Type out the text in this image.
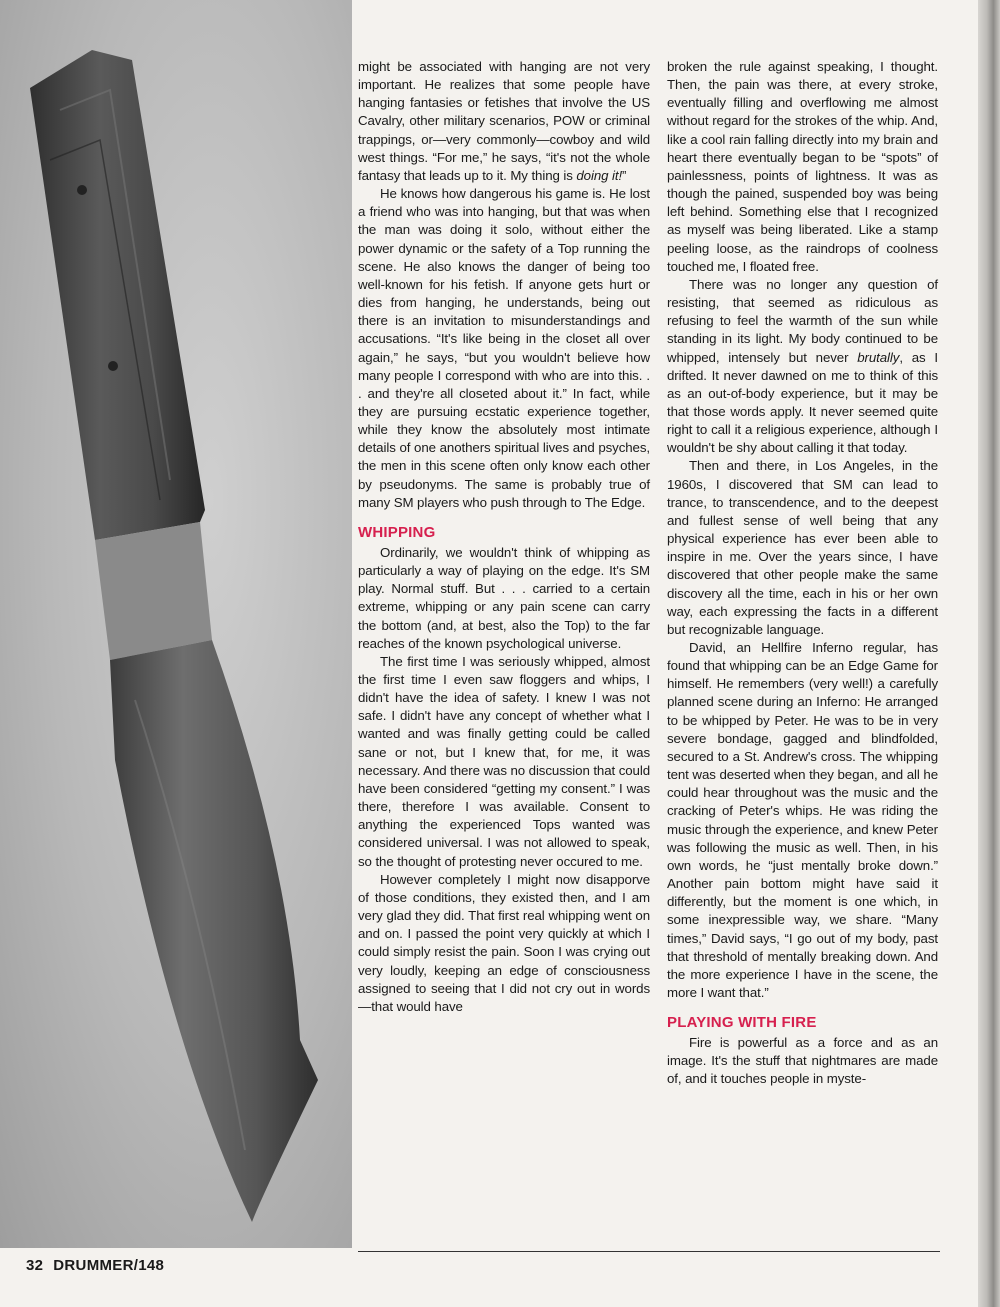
might be associated with hanging are not very important. He realizes that some people have hanging fantasies or fetishes that involve the US Cavalry, other military scenarios, POW or criminal trappings, or—very commonly—cowboy and wild west things. “For me,” he says, “it's not the whole fantasy that leads up to it. My thing is doing it!”

He knows how dangerous his game is. He lost a friend who was into hanging, but that was when the man was doing it solo, without either the power dynamic or the safety of a Top running the scene. He also knows the danger of being too well-known for his fetish. If anyone gets hurt or dies from hanging, he understands, being out there is an invitation to misunderstandings and accusations. “It's like being in the closet all over again,” he says, “but you wouldn't believe how many people I correspond with who are into this. . . and they're all closeted about it.” In fact, while they are pursuing ecstatic experience together, while they know the absolutely most intimate details of one anothers spiritual lives and psyches, the men in this scene often only know each other by pseudonyms. The same is probably true of many SM players who push through to The Edge.

WHIPPING

Ordinarily, we wouldn't think of whipping as particularly a way of playing on the edge. It's SM play. Normal stuff. But . . . carried to a certain extreme, whipping or any pain scene can carry the bottom (and, at best, also the Top) to the far reaches of the known psychological universe.

The first time I was seriously whipped, almost the first time I even saw floggers and whips, I didn't have the idea of safety. I knew I was not safe. I didn't have any concept of whether what I wanted and was finally getting could be called sane or not, but I knew that, for me, it was necessary. And there was no discussion that could have been considered “getting my consent.” I was there, therefore I was available. Consent to anything the experienced Tops wanted was considered universal. I was not allowed to speak, so the thought of protesting never occured to me.

However completely I might now disapporve of those conditions, they existed then, and I am very glad they did. That first real whipping went on and on. I passed the point very quickly at which I could simply resist the pain. Soon I was crying out very loudly, keeping an edge of consciousness assigned to seeing that I did not cry out in words—that would have

broken the rule against speaking, I thought. Then, the pain was there, at every stroke, eventually filling and overflowing me almost without regard for the strokes of the whip. And, like a cool rain falling directly into my brain and heart there eventually began to be “spots” of painlessness, points of lightness. It was as though the pained, suspended boy was being left behind. Something else that I recognized as myself was being liberated. Like a stamp peeling loose, as the raindrops of coolness touched me, I floated free.

There was no longer any question of resisting, that seemed as ridiculous as refusing to feel the warmth of the sun while standing in its light. My body continued to be whipped, intensely but never brutally, as I drifted. It never dawned on me to think of this as an out-of-body experience, but it may be that those words apply. It never seemed quite right to call it a religious experience, although I wouldn't be shy about calling it that today.

Then and there, in Los Angeles, in the 1960s, I discovered that SM can lead to trance, to transcendence, and to the deepest and fullest sense of well being that any physical experience has ever been able to inspire in me. Over the years since, I have discovered that other people make the same discovery all the time, each in his or her own way, each expressing the facts in a different but recognizable language.

David, an Hellfire Inferno regular, has found that whipping can be an Edge Game for himself. He remembers (very well!) a carefully planned scene during an Inferno: He arranged to be whipped by Peter. He was to be in very severe bondage, gagged and blindfolded, secured to a St. Andrew's cross. The whipping tent was deserted when they began, and all he could hear throughout was the music and the cracking of Peter's whips. He was riding the music through the experience, and knew Peter was following the music as well. Then, in his own words, he “just mentally broke down.” Another pain bottom might have said it differently, but the moment is one which, in some inexpressible way, we share. “Many times,” David says, “I go out of my body, past that threshold of mentally breaking down. And the more experience I have in the scene, the more I want that.”

PLAYING WITH FIRE

Fire is powerful as a force and as an image. It's the stuff that nightmares are made of, and it touches people in myste-

32 DRUMMER/148
